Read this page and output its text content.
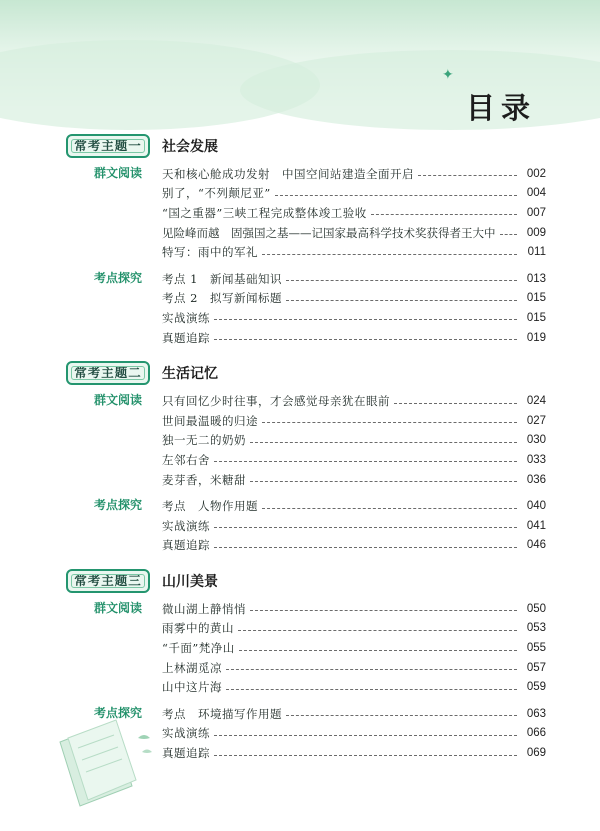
✦
目录
常考主题一	社会发展
群文阅读 天和核心舱成功发射　中国空间站建造全面开启	002
别了，“不列颠尼亚”	004
“国之重器”三峡工程完成整体竣工验收	007
见险峰而越　固强国之基——记国家最高科学技术奖获得者王大中	009
特写：雨中的军礼	011
考点探究 考点 1　新闻基础知识	013
考点 2　拟写新闻标题	015
实战演练	015
真题追踪	019
常考主题二	生活记忆
群文阅读 只有回忆少时往事，才会感觉母亲犹在眼前	024
世间最温暖的归途	027
独一无二的奶奶	030
左邻右舍	033
麦芽香，米糖甜	036
考点探究 考点　人物作用题	040
实战演练	041
真题追踪	046
常考主题三	山川美景
群文阅读 微山湖上静悄悄	050
雨雾中的黄山	053
“千面”梵净山	055
上林湖觅凉	057
山中这片海	059
考点探究 考点　环境描写作用题	063
实战演练	066
真题追踪	069
